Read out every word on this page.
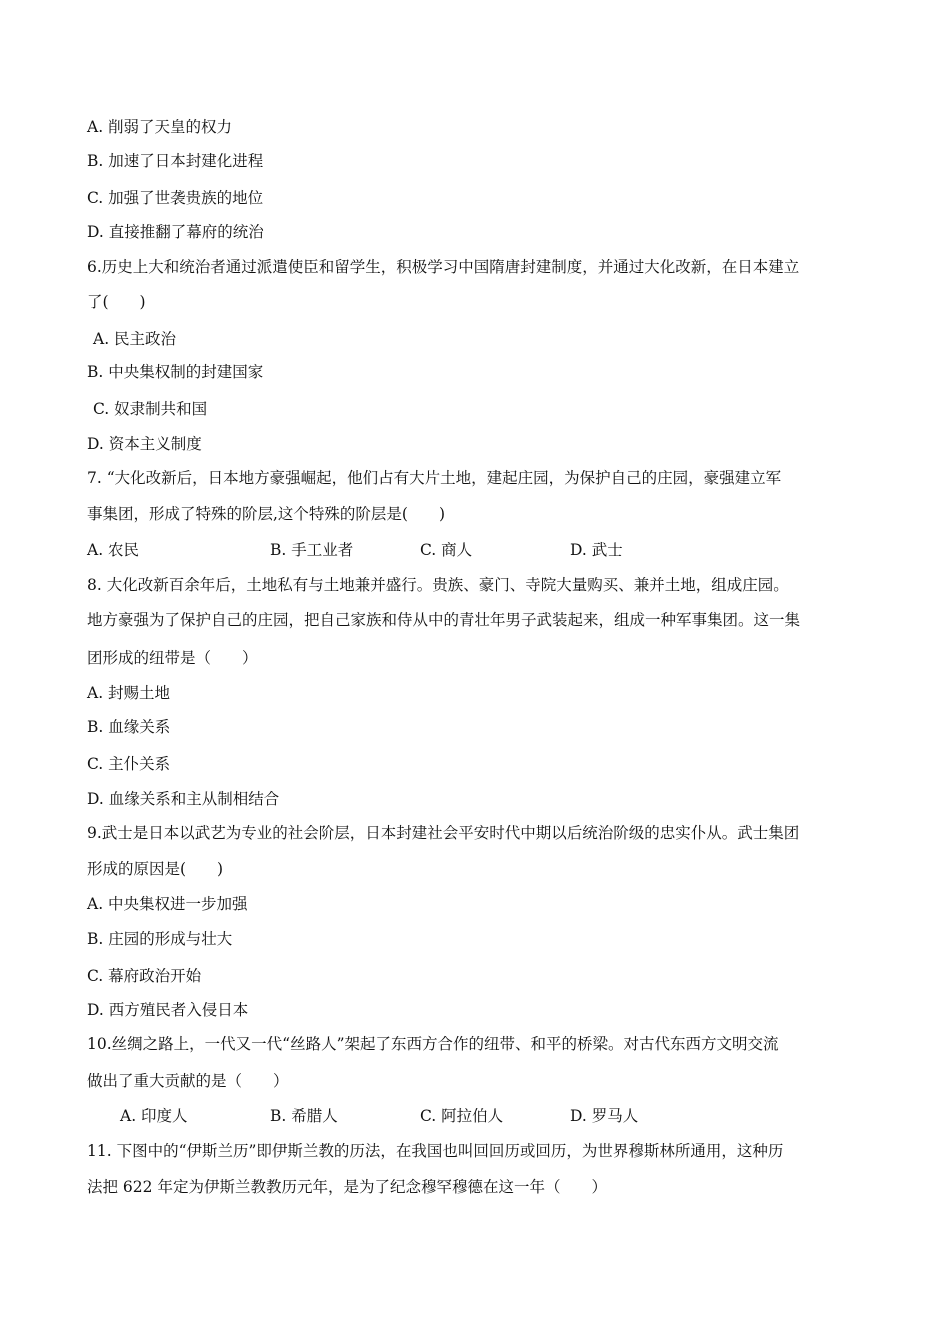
A. 削弱了天皇的权力
B. 加速了日本封建化进程
C. 加强了世袭贵族的地位
D. 直接推翻了幕府的统治
6.历史上大和统治者通过派遣使臣和留学生，积极学习中国隋唐封建制度，并通过大化改新，在日本建立
了(　　)
A. 民主政治
B. 中央集权制的封建国家
C. 奴隶制共和国
D. 资本主义制度
7. “大化改新后，日本地方豪强崛起，他们占有大片土地，建起庄园，为保护自己的庄园，豪强建立军
事集团，形成了特殊的阶层,这个特殊的阶层是(　　)
A. 农民	B. 手工业者	C. 商人	D. 武士
8. 大化改新百余年后，土地私有与土地兼并盛行。贵族、豪门、寺院大量购买、兼并土地，组成庄园。
地方豪强为了保护自己的庄园，把自己家族和侍从中的青壮年男子武装起来，组成一种军事集团。这一集
团形成的纽带是（　　）
A. 封赐土地
B. 血缘关系
C. 主仆关系
D. 血缘关系和主从制相结合
9.武士是日本以武艺为专业的社会阶层，日本封建社会平安时代中期以后统治阶级的忠实仆从。武士集团
形成的原因是(　　)
A. 中央集权进一步加强
B. 庄园的形成与壮大
C. 幕府政治开始
D. 西方殖民者入侵日本
10.丝绸之路上，一代又一代“丝路人”架起了东西方合作的纽带、和平的桥梁。对古代东西方文明交流
做出了重大贡献的是（　　）
A. 印度人	B. 希腊人	C. 阿拉伯人	D. 罗马人
11. 下图中的“伊斯兰历”即伊斯兰教的历法，在我国也叫回回历或回历，为世界穆斯林所通用，这种历
法把 622 年定为伊斯兰教教历元年，是为了纪念穆罕穆德在这一年（　　）
